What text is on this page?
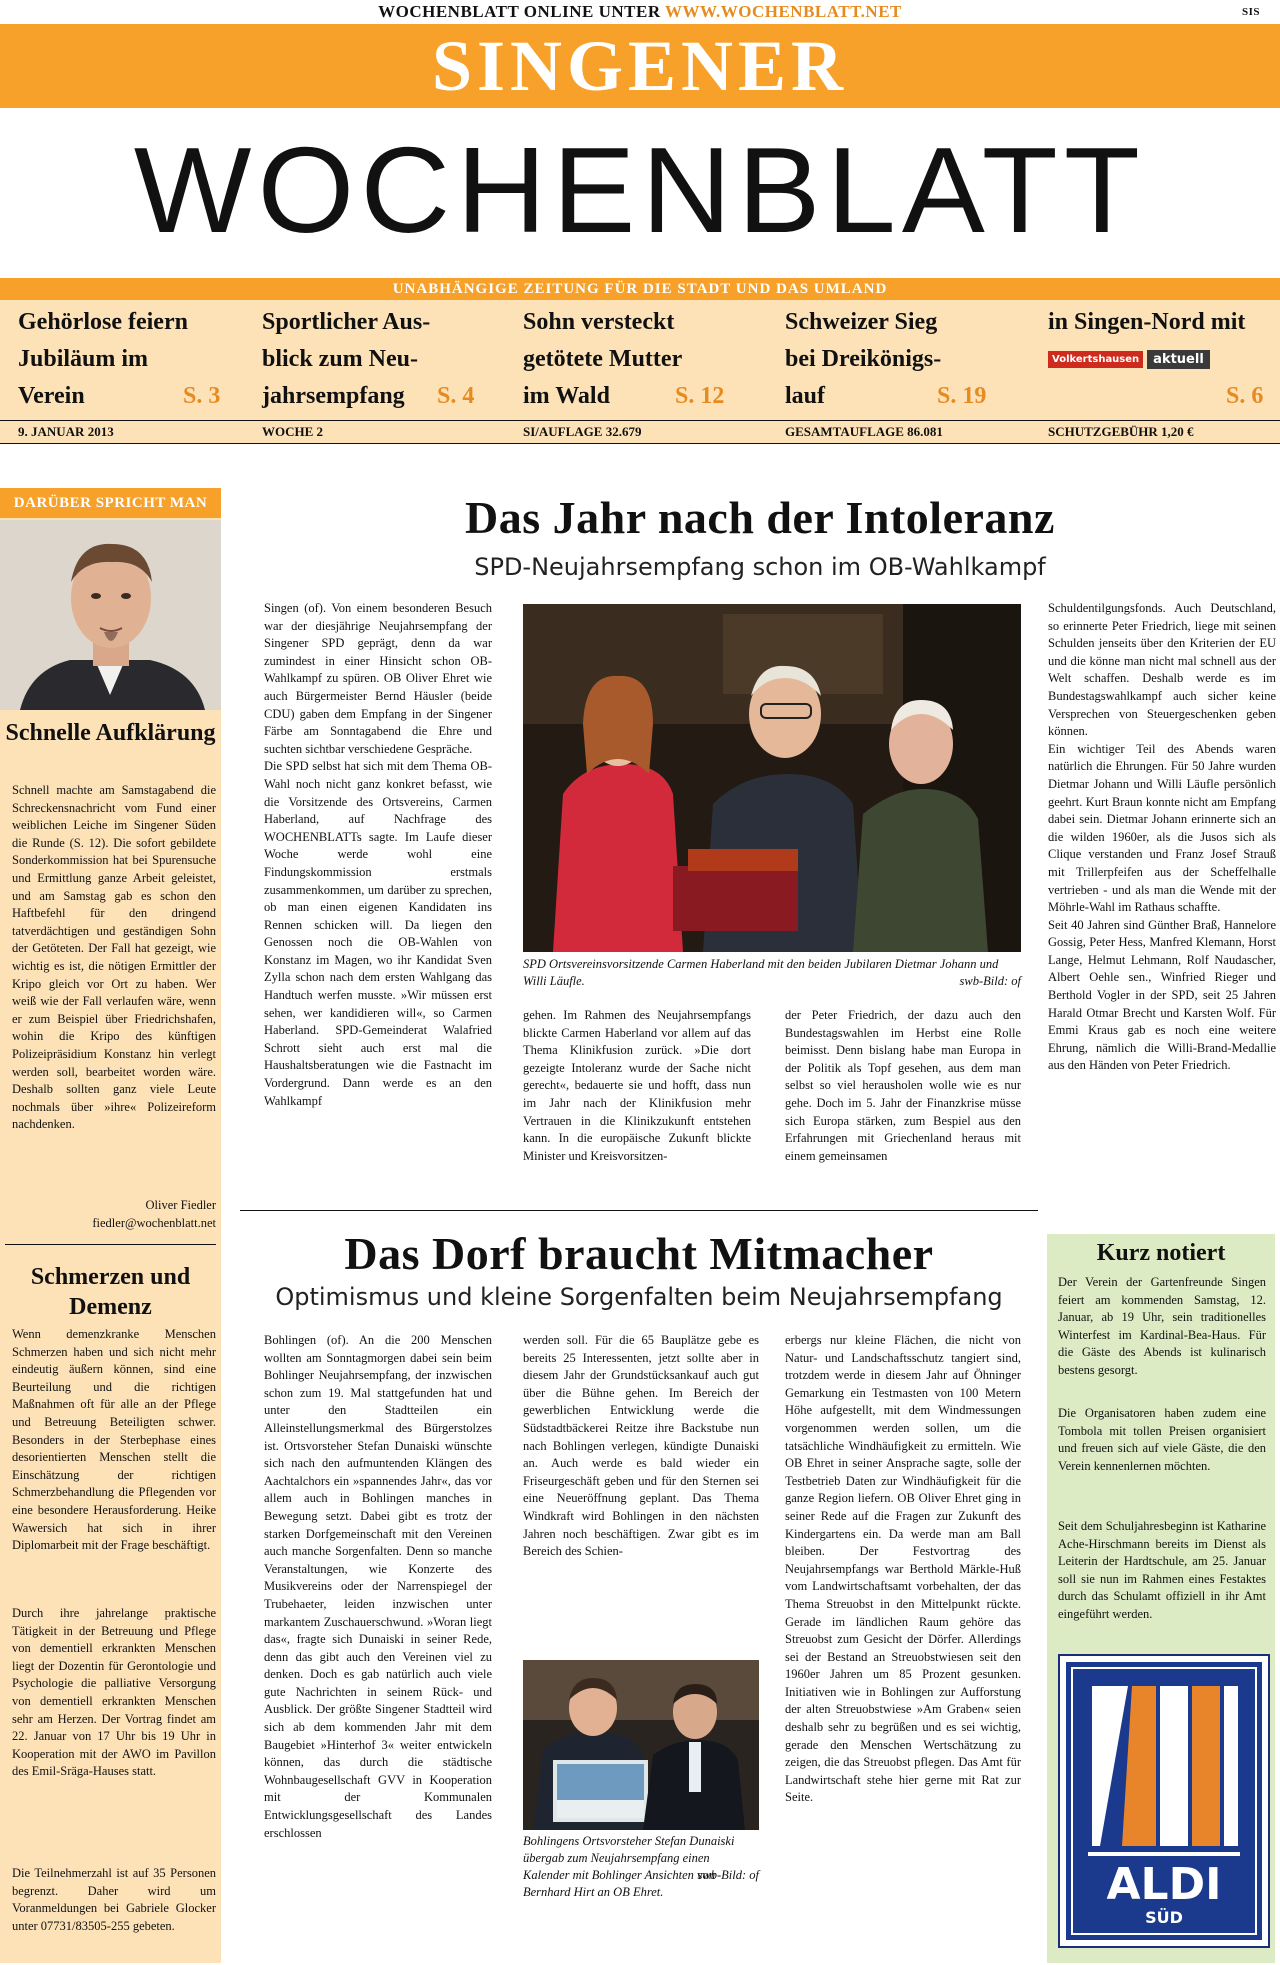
WOCHENBLATT ONLINE UNTER WWW.WOCHENBLATT.NET	SIS
SINGENER
WOCHENBLATT
UNABHÄNGIGE ZEITUNG FÜR DIE STADT UND DAS UMLAND
Gehörlose feiern
Jubiläum im
Verein	S. 3
Sportlicher Aus-
blick zum Neu-
jahrsempfang	S. 4
Sohn versteckt
getötete Mutter
im Wald	S. 12
Schweizer Sieg
bei Dreikönigs-
lauf	S. 19
in Singen-Nord mit
S. 6
Volkertshausen	aktuell
9. JANUAR 2013	WOCHE 2	SI/AUFLAGE 32.679	GESAMTAUFLAGE 86.081	SCHUTZGEBÜHR 1,20 €
DARÜBER SPRICHT MAN
Schnelle Aufklärung
Schnell machte am Samstagabend die Schreckensnachricht vom Fund einer weiblichen Leiche im Singener Süden die Runde (S. 12). Die sofort gebildete Sonderkommission hat bei Spurensuche und Ermittlung ganze Arbeit geleistet, und am Samstag gab es schon den Haftbefehl für den dringend tatverdächtigen und geständigen Sohn der Getöteten. Der Fall hat gezeigt, wie wichtig es ist, die nötigen Ermittler der Kripo gleich vor Ort zu haben. Wer weiß wie der Fall verlaufen wäre, wenn er zum Beispiel über Friedrichshafen, wohin die Kripo des künftigen Polizeipräsidium Konstanz hin verlegt werden soll, bearbeitet worden wäre. Deshalb sollten ganz viele Leute nochmals über »ihre« Polizeireform nachdenken.
Oliver Fiedler
fiedler@wochenblatt.net
Schmerzen und Demenz
Wenn demenzkranke Menschen Schmerzen haben und sich nicht mehr eindeutig äußern können, sind eine Beurteilung und die richtigen Maßnahmen oft für alle an der Pflege und Betreuung Beteiligten schwer. Besonders in der Sterbephase eines desorientierten Menschen stellt die Einschätzung der richtigen Schmerzbehandlung die Pflegenden vor eine besondere Herausforderung. Heike Wawersich hat sich in ihrer Diplomarbeit mit der Frage beschäftigt.
Durch ihre jahrelange praktische Tätigkeit in der Betreuung und Pflege von dementiell erkrankten Menschen liegt der Dozentin für Gerontologie und Psychologie die palliative Versorgung von dementiell erkrankten Menschen sehr am Herzen. Der Vortrag findet am 22. Januar von 17 Uhr bis 19 Uhr in Kooperation mit der AWO im Pavillon des Emil-Sräga-Hauses statt.
Die Teilnehmerzahl ist auf 35 Personen begrenzt. Daher wird um Voranmeldungen bei Gabriele Glocker unter 07731/83505-255 gebeten.
Das Jahr nach der Intoleranz
SPD-Neujahrsempfang schon im OB-Wahlkampf
Singen (of). Von einem besonderen Besuch war der diesjährige Neujahrsempfang der Singener SPD geprägt, denn da war zumindest in einer Hinsicht schon OB-Wahlkampf zu spüren. OB Oliver Ehret wie auch Bürgermeister Bernd Häusler (beide CDU) gaben dem Empfang in der Singener Färbe am Sonntagabend die Ehre und suchten sichtbar verschiedene Gespräche.
Die SPD selbst hat sich mit dem Thema OB-Wahl noch nicht ganz konkret befasst, wie die Vorsitzende des Ortsvereins, Carmen Haberland, auf Nachfrage des WOCHENBLATTs sagte. Im Laufe dieser Woche werde wohl eine Findungskommission erstmals zusammenkommen, um darüber zu sprechen, ob man einen eigenen Kandidaten ins Rennen schicken will. Da liegen den Genossen noch die OB-Wahlen von Konstanz im Magen, wo ihr Kandidat Sven Zylla schon nach dem ersten Wahlgang das Handtuch werfen musste. »Wir müssen erst sehen, wer kandidieren will«, so Carmen Haberland. SPD-Gemeinderat Walafried Schrott sieht auch erst mal die Haushaltsberatungen wie die Fastnacht im Vordergrund. Dann werde es an den Wahlkampf
SPD Ortsvereinsvorsitzende Carmen Haberland mit den beiden Jubilaren Dietmar Johann und Willi Läufle.	swb-Bild: of
gehen. Im Rahmen des Neujahrsempfangs blickte Carmen Haberland vor allem auf das Thema Klinikfusion zurück. »Die dort gezeigte Intoleranz wurde der Sache nicht gerecht«, bedauerte sie und hofft, dass nun im Jahr nach der Klinikfusion mehr Vertrauen in die Klinikzukunft entstehen kann. In die europäische Zukunft blickte Minister und Kreisvorsitzen-
der Peter Friedrich, der dazu auch den Bundestagswahlen im Herbst eine Rolle beimisst. Denn bislang habe man Europa in der Politik als Topf gesehen, aus dem man selbst so viel herausholen wolle wie es nur gehe. Doch im 5. Jahr der Finanzkrise müsse sich Europa stärken, zum Bespiel aus den Erfahrungen mit Griechenland heraus mit einem gemeinsamen
Schuldentilgungsfonds. Auch Deutschland, so erinnerte Peter Friedrich, liege mit seinen Schulden jenseits über den Kriterien der EU und die könne man nicht mal schnell aus der Welt schaffen. Deshalb werde es im Bundestagswahlkampf auch sicher keine Versprechen von Steuergeschenken geben können.
Ein wichtiger Teil des Abends waren natürlich die Ehrungen. Für 50 Jahre wurden Dietmar Johann und Willi Läufle persönlich geehrt. Kurt Braun konnte nicht am Empfang dabei sein. Dietmar Johann erinnerte sich an die wilden 1960er, als die Jusos sich als Clique verstanden und Franz Josef Strauß mit Trillerpfeifen aus der Scheffelhalle vertrieben - und als man die Wende mit der Möhrle-Wahl im Rathaus schaffte.
Seit 40 Jahren sind Günther Braß, Hannelore Gossig, Peter Hess, Manfred Klemann, Horst Lange, Helmut Lehmann, Rolf Naudascher, Albert Oehle sen., Winfried Rieger und Berthold Vogler in der SPD, seit 25 Jahren Harald Otmar Brecht und Karsten Wolf. Für Emmi Kraus gab es noch eine weitere Ehrung, nämlich die Willi-Brand-Medallie aus den Händen von Peter Friedrich.
Das Dorf braucht Mitmacher
Optimismus und kleine Sorgenfalten beim Neujahrsempfang
Bohlingen (of). An die 200 Menschen wollten am Sonntagmorgen dabei sein beim Bohlinger Neujahrsempfang, der inzwischen schon zum 19. Mal stattgefunden hat und unter den Stadtteilen ein Alleinstellungsmerkmal des Bürgerstolzes ist. Ortsvorsteher Stefan Dunaiski wünschte sich nach den aufmuntenden Klängen des Aachtalchors ein »spannendes Jahr«, das vor allem auch in Bohlingen manches in Bewegung setzt. Dabei gibt es trotz der starken Dorfgemeinschaft mit den Vereinen auch manche Sorgenfalten. Denn so manche Veranstaltungen, wie Konzerte des Musikvereins oder der Narrenspiegel der Trubehaeter, leiden inzwischen unter markantem Zuschauerschwund. »Woran liegt das«, fragte sich Dunaiski in seiner Rede, denn das gibt auch den Vereinen viel zu denken. Doch es gab natürlich auch viele gute Nachrichten in seinem Rück- und Ausblick. Der größte Singener Stadtteil wird sich ab dem kommenden Jahr mit dem Baugebiet »Hinterhof 3« weiter entwickeln können, das durch die städtische Wohnbaugesellschaft GVV in Kooperation mit der Kommunalen Entwicklungsgesellschaft des Landes erschlossen
werden soll. Für die 65 Bauplätze gebe es bereits 25 Interessenten, jetzt sollte aber in diesem Jahr der Grundstücksankauf auch gut über die Bühne gehen. Im Bereich der gewerblichen Entwicklung werde die Südstadtbäckerei Reitze ihre Backstube nun nach Bohlingen verlegen, kündigte Dunaiski an. Auch werde es bald wieder ein Friseurgeschäft geben und für den Sternen sei eine Neueröffnung geplant. Das Thema Windkraft wird Bohlingen in den nächsten Jahren noch beschäftigen. Zwar gibt es im Bereich des Schien-
Bohlingens Ortsvorsteher Stefan Dunaiski übergab zum Neujahrsempfang einen Kalender mit Bohlinger Ansichten von Bernhard Hirt an OB Ehret.
swb-Bild: of
erbergs nur kleine Flächen, die nicht von Natur- und Landschaftsschutz tangiert sind, trotzdem werde in diesem Jahr auf Öhninger Gemarkung ein Testmasten von 100 Metern Höhe aufgestellt, mit dem Windmessungen vorgenommen werden sollen, um die tatsächliche Windhäufigkeit zu ermitteln. Wie OB Ehret in seiner Ansprache sagte, solle der Testbetrieb Daten zur Windhäufigkeit für die ganze Region liefern. OB Oliver Ehret ging in seiner Rede auf die Fragen zur Zukunft des Kindergartens ein. Da werde man am Ball bleiben. Der Festvortrag des Neujahrsempfangs war Berthold Märkle-Huß vom Landwirtschaftsamt vorbehalten, der das Thema Streuobst in den Mittelpunkt rückte. Gerade im ländlichen Raum gehöre das Streuobst zum Gesicht der Dörfer. Allerdings sei der Bestand an Streuobstwiesen seit den 1960er Jahren um 85 Prozent gesunken. Initiativen wie in Bohlingen zur Aufforstung der alten Streuobstwiese »Am Graben« seien deshalb sehr zu begrüßen und es sei wichtig, gerade den Menschen Wertschätzung zu zeigen, die das Streuobst pflegen. Das Amt für Landwirtschaft stehe hier gerne mit Rat zur Seite.
Kurz notiert
Der Verein der Gartenfreunde Singen feiert am kommenden Samstag, 12. Januar, ab 19 Uhr, sein traditionelles Winterfest im Kardinal-Bea-Haus. Für die Gäste des Abends ist kulinarisch bestens gesorgt.
Die Organisatoren haben zudem eine Tombola mit tollen Preisen organisiert und freuen sich auf viele Gäste, die den Verein kennenlernen möchten.
Seit dem Schuljahresbeginn ist Katharine Ache-Hirschmann bereits im Dienst als Leiterin der Hardtschule, am 25. Januar soll sie nun im Rahmen eines Festaktes durch das Schulamt offiziell in ihr Amt eingeführt werden.
ALDI
SÜD
